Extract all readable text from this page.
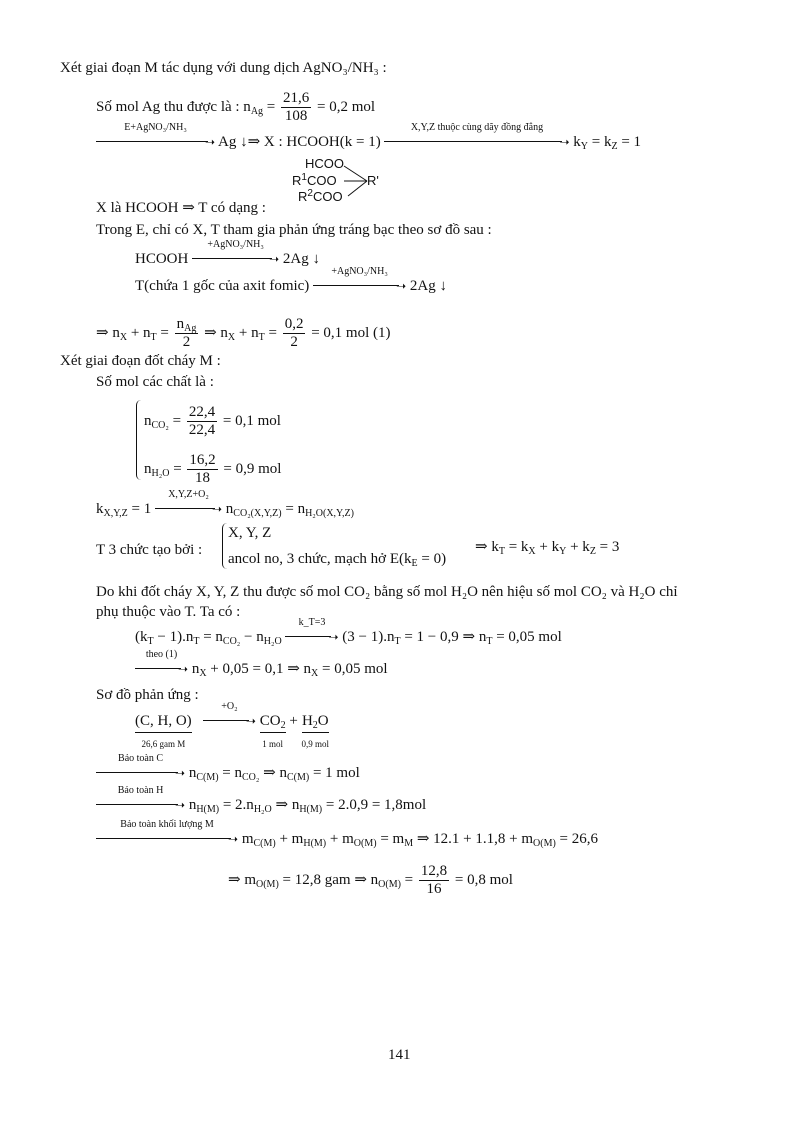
Xét giai đoạn M tác dụng với dung dịch AgNO₃/NH₃ :
Số mol Ag thu được là : $n_{Ag} = \frac{21,6}{108} = 0,2$ mol
E+AgNO₃/NH₃
➝ Ag ↓⇒ X : HCOOH(k = 1)
X,Y,Z thuộc cùng dãy đồng đẳng
➝ $k_Y = k_Z = 1$
HCOO
$R^1COO$ R'
$R^2COO$
X là HCOOH ⇒ T có dạng :
Trong E, chỉ có X, T tham gia phản ứng tráng bạc theo sơ đồ sau :
HCOOH
+AgNO₃/NH₃
➝ 2Ag ↓
T(chứa 1 gốc của axit fomic)
+AgNO₃/NH₃
➝ 2Ag ↓
⇒ $n_X + n_T = \frac{n_{Ag}}{2}$ ⇒ $n_X + n_T = \frac{0,2}{2} = 0,1$ mol (1)
Xét giai đoạn đốt cháy M :
Số mol các chất là :
$n_{CO_2} = \frac{22,4}{22,4} = 0,1$ mol
$n_{H_2O} = \frac{16,2}{18} = 0,9$ mol
$k_{X,Y,Z} = 1$
X,Y,Z+O₂
➝ $n_{CO_2(X,Y,Z)} = n_{H_2O(X,Y,Z)}$
T 3 chức tạo bởi :
X, Y, Z
ancol no, 3 chức, mạch hở $E(k_E = 0)$
⇒ $k_T = k_X + k_Y + k_Z = 3$
Do khi đốt cháy X, Y, Z thu được số mol CO₂ bằng số mol H₂O nên hiệu số mol CO₂ và H₂O chỉ
phụ thuộc vào T. Ta có :
$(k_T - 1).n_T = n_{CO_2} - n_{H_2O}$
k_T=3
➝ $(3 - 1).n_T = 1 - 0,9$ ⇒ $n_T = 0,05$ mol
theo (1)
➝ $n_X + 0,05 = 0,1$ ⇒ $n_X = 0,05$ mol
Sơ đồ phản ứng :
(C, H, O)
26,6 gam M

+O₂
➝ $CO_2$
1 mol
+ $H_2O$
0,9 mol
Bảo toàn C
➝ $n_{C(M)} = n_{CO_2}$ ⇒ $n_{C(M)} = 1$ mol
Bảo toàn H
➝ $n_{H(M)} = 2.n_{H_2O}$ ⇒ $n_{H(M)} = 2.0,9 = 1,8mol$
Bảo toàn khối lượng M
➝ $m_{C(M)} + m_{H(M)} + m_{O(M)} = m_M$ ⇒ $12.1 + 1.1,8 + m_{O(M)} = 26,6$
⇒ $m_{O(M)} = 12,8$ gam ⇒ $n_{O(M)} = \frac{12,8}{16} = 0,8$ mol
141
